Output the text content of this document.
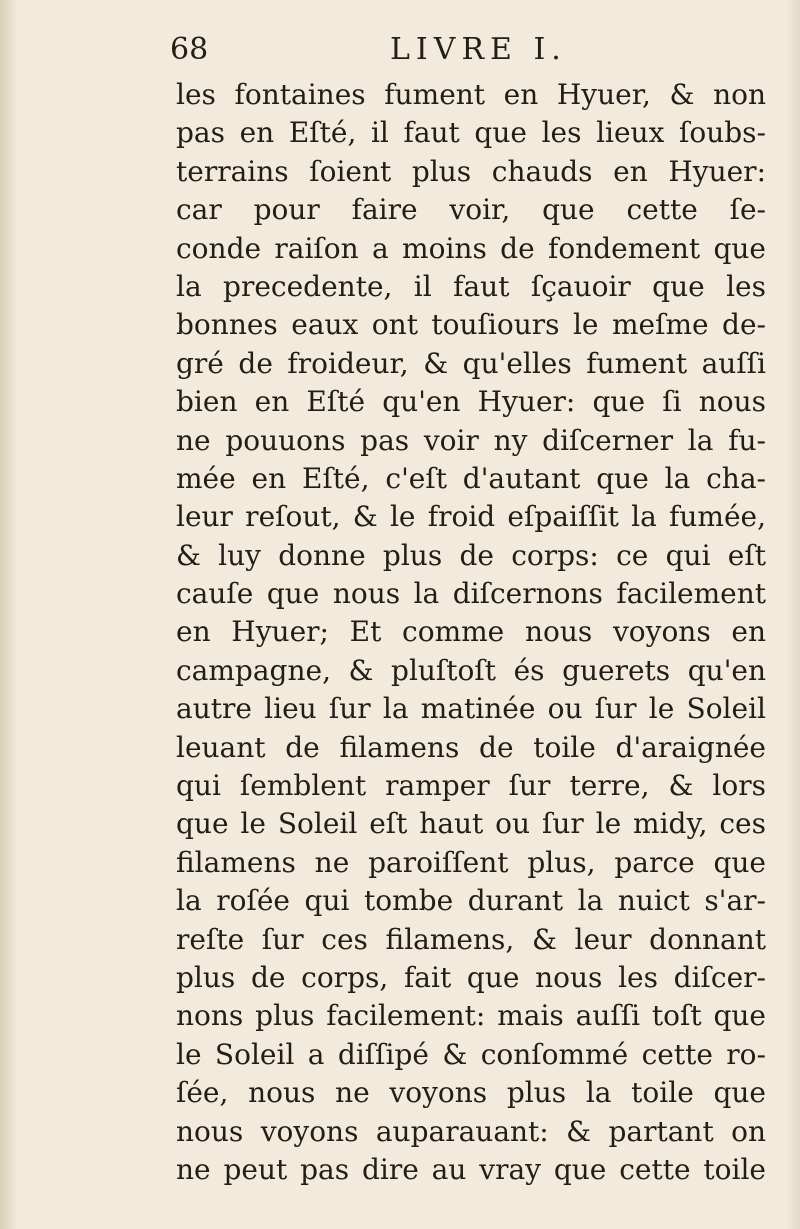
68	LIVRE I.
les fontaines fument en Hyuer, & non
pas en Eſté, il faut que les lieux ſoubs-
terrains ſoient plus chauds en Hyuer:
car pour faire voir, que cette ſe-
conde raiſon a moins de fondement que
la precedente, il faut ſçauoir que les
bonnes eaux ont touſiours le meſme de-
gré de froideur, & qu'elles fument auſſi
bien en Eſté qu'en Hyuer: que ſi nous
ne pouuons pas voir ny diſcerner la fu-
mée en Eſté, c'eſt d'autant que la cha-
leur reſout, & le froid eſpaiſſit la fumée,
& luy donne plus de corps: ce qui eſt
cauſe que nous la diſcernons facilement
en Hyuer; Et comme nous voyons en
campagne, & pluſtoſt és guerets qu'en
autre lieu ſur la matinée ou ſur le Soleil
leuant de filamens de toile d'araignée
qui ſemblent ramper ſur terre, & lors
que le Soleil eſt haut ou ſur le midy, ces
filamens ne paroiſſent plus, parce que
la roſée qui tombe durant la nuict s'ar-
reſte ſur ces filamens, & leur donnant
plus de corps, fait que nous les diſcer-
nons plus facilement: mais auſſi toſt que
le Soleil a diſſipé & conſommé cette ro-
ſée, nous ne voyons plus la toile que
nous voyons auparauant: & partant on
ne peut pas dire au vray que cette toile
